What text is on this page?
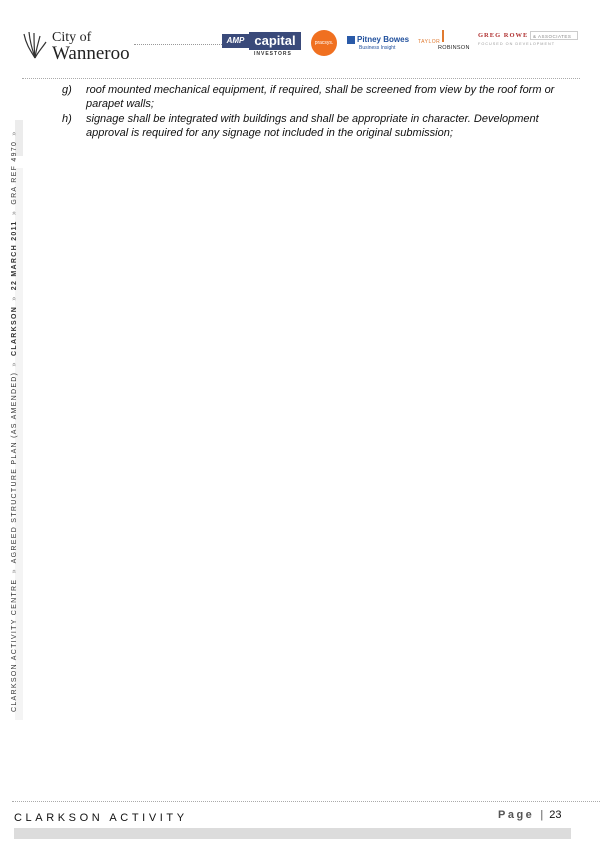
City of
Wanneroo
AMP capital
INVESTORS
pracsys.	Pitney Bowes
Business Insight
TAYLOR
ROBINSON
GREG ROWE	& ASSOCIATES
FOCUSED ON DEVELOPMENT
CLARKSON ACTIVITY CENTRE » AGREED STRUCTURE PLAN (AS AMENDED) » CLARKSON » 22 MARCH 2011 » GRA REF 4970 »
g) roof mounted mechanical equipment, if required, shall be screened from view by the roof form or parapet walls;
h) signage shall be integrated with buildings and shall be appropriate in character. Development approval is required for any signage not included in the original submission;
CLARKSON ACTIVITY	Page | 23
